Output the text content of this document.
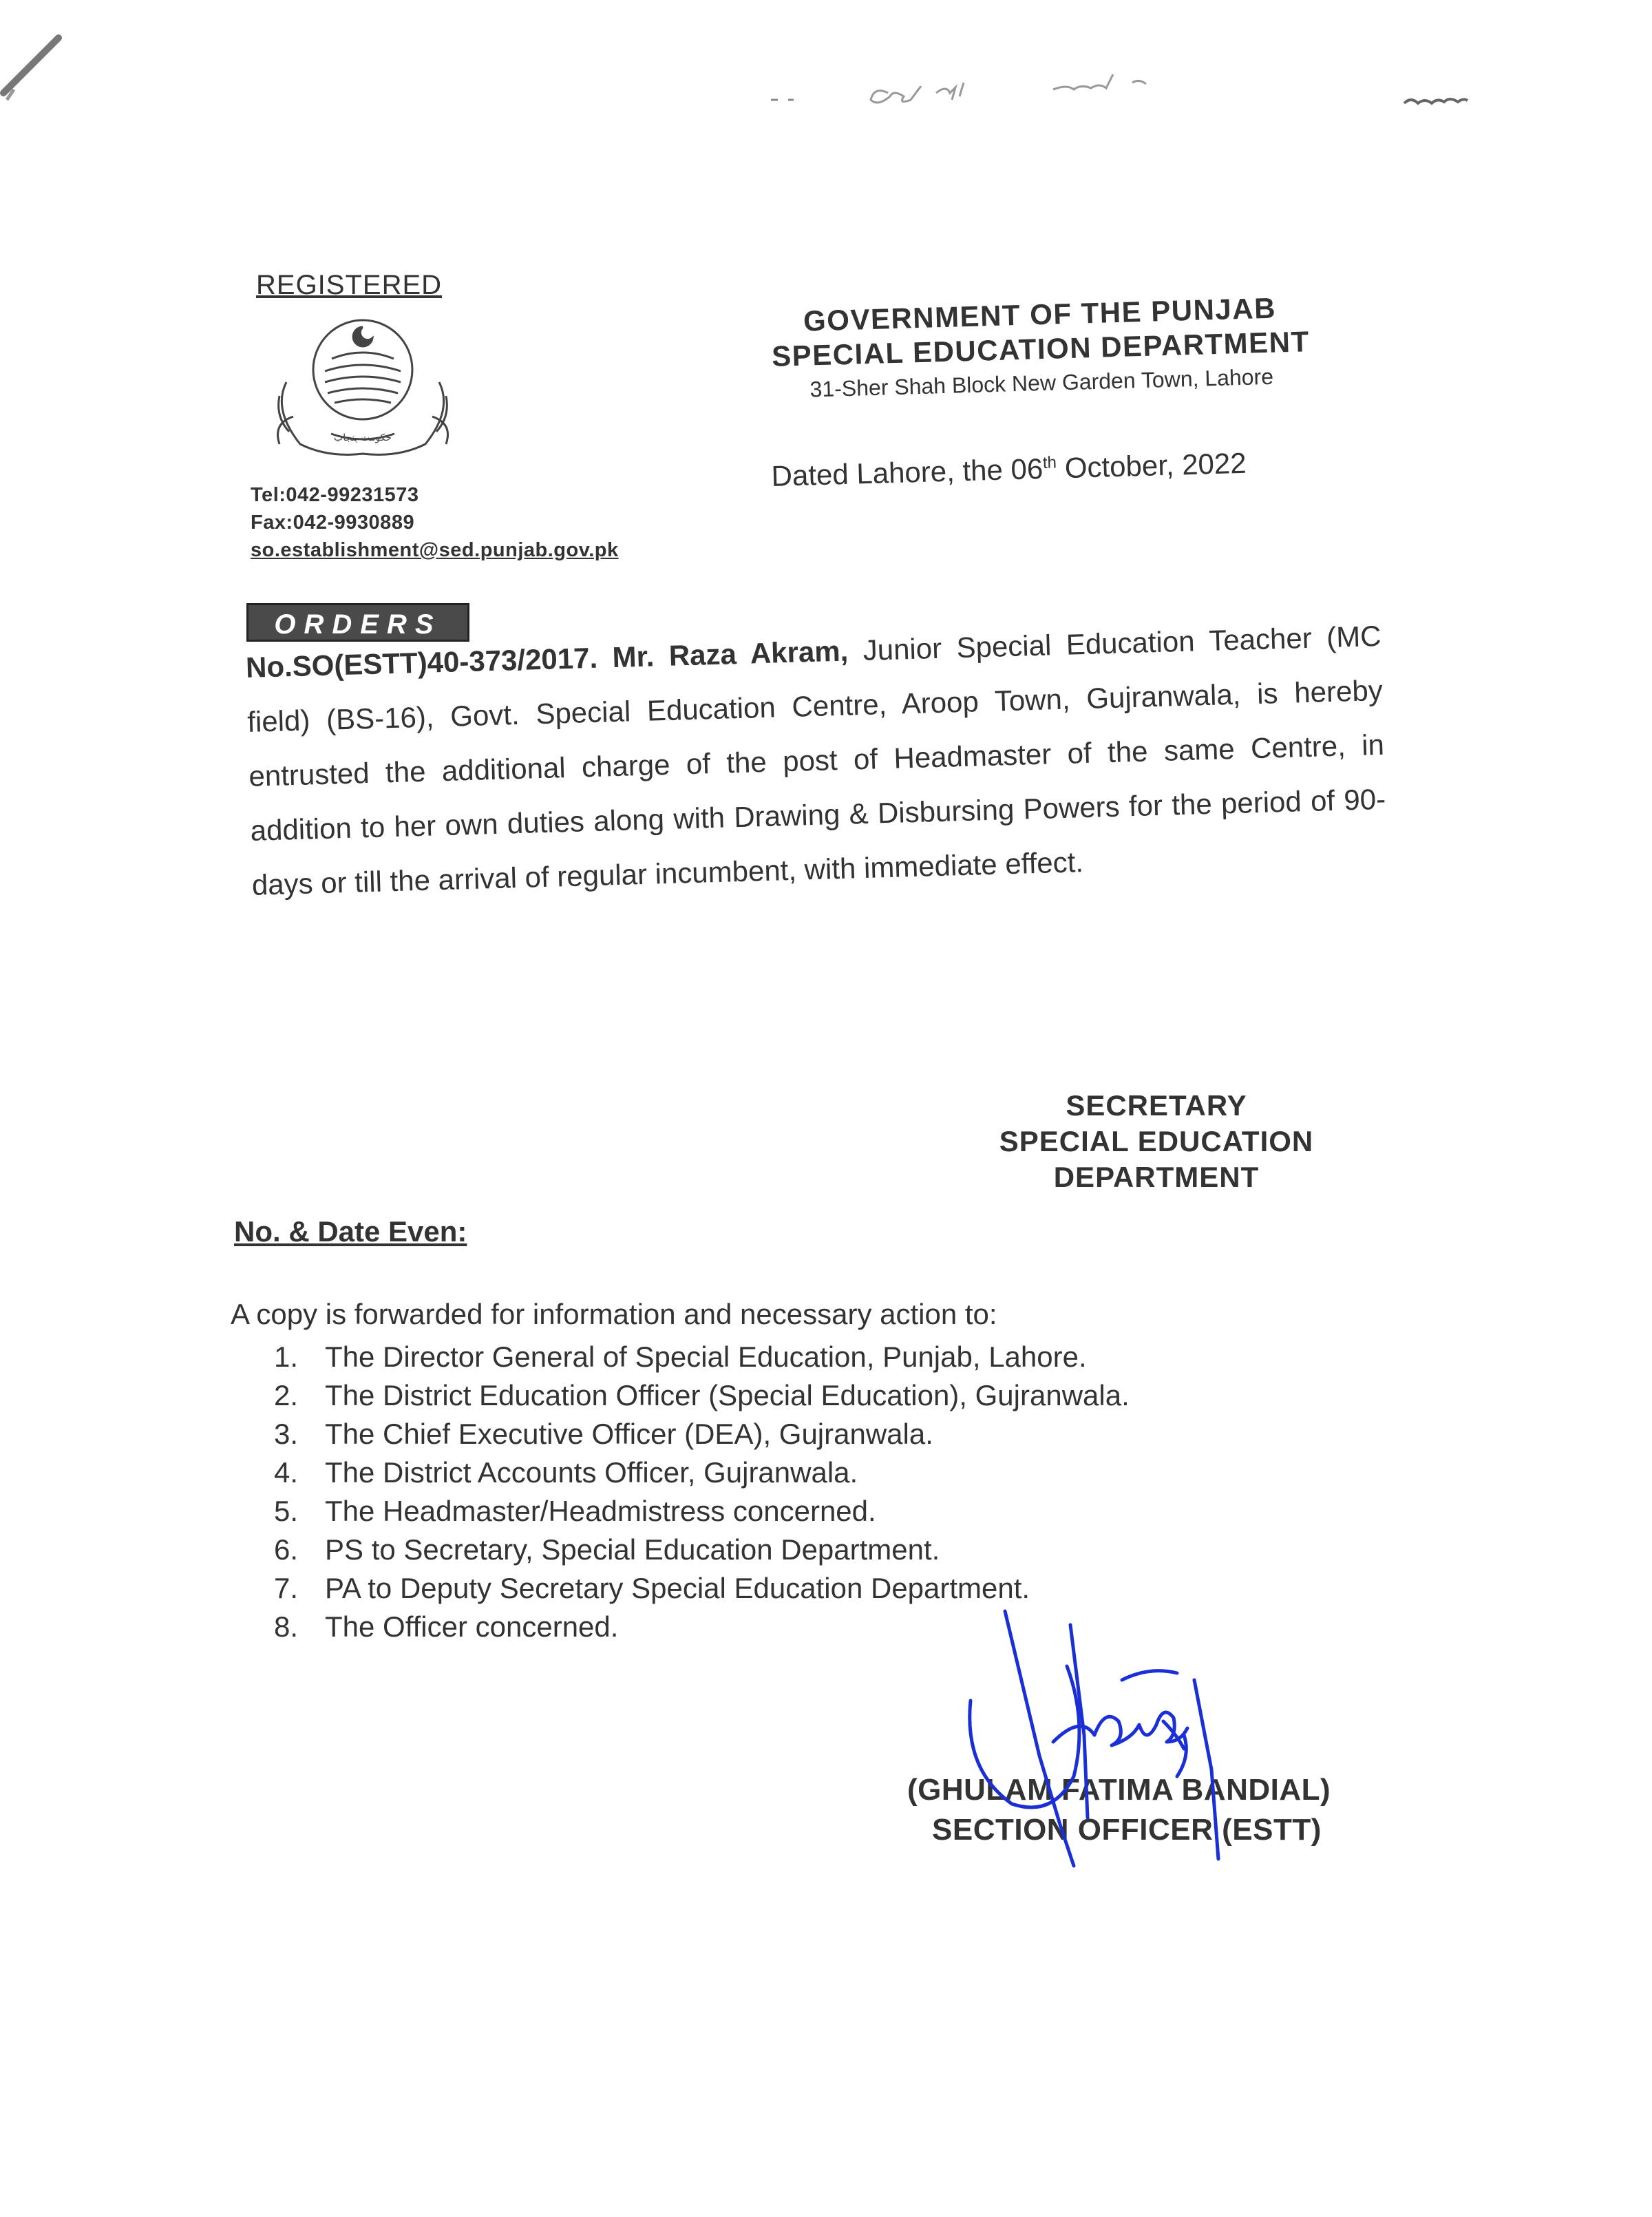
REGISTERED
حکومت پنجاب
Tel:042-99231573
Fax:042-9930889
so.establishment@sed.punjab.gov.pk
GOVERNMENT OF THE PUNJAB
SPECIAL EDUCATION DEPARTMENT
31-Sher Shah Block New Garden Town, Lahore
Dated Lahore, the 06th October, 2022
ORDERS
No.SO(ESTT)40-373/2017. Mr. Raza Akram, Junior Special Education Teacher (MC field) (BS-16), Govt. Special Education Centre, Aroop Town, Gujranwala, is hereby entrusted the additional charge of the post of Headmaster of the same Centre, in addition to her own duties along with Drawing & Disbursing Powers for the period of 90-days or till the arrival of regular incumbent, with immediate effect.
SECRETARY
SPECIAL EDUCATION
DEPARTMENT
No. & Date Even:
A copy is forwarded for information and necessary action to:
1. The Director General of Special Education, Punjab, Lahore.
2. The District Education Officer (Special Education), Gujranwala.
3. The Chief Executive Officer (DEA), Gujranwala.
4. The District Accounts Officer, Gujranwala.
5. The Headmaster/Headmistress concerned.
6. PS to Secretary, Special Education Department.
7. PA to Deputy Secretary Special Education Department.
8. The Officer concerned.
(GHULAM FATIMA BANDIAL)
SECTION OFFICER (ESTT)
